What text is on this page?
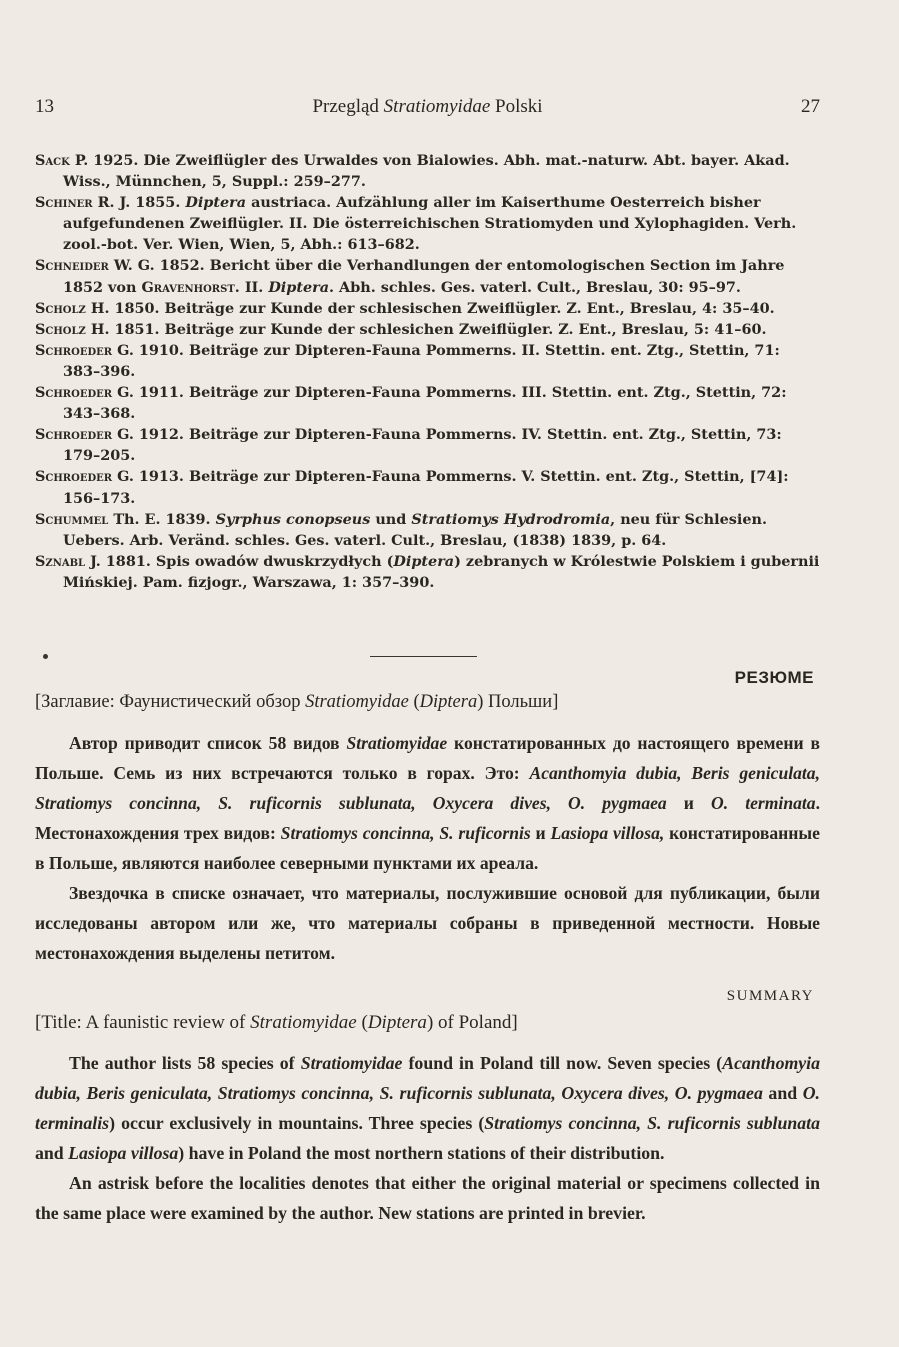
13	Przegląd Stratiomyidae Polski	27
Sack P. 1925. Die Zweiflügler des Urwaldes von Bialowies. Abh. mat.-naturw. Abt. bayer. Akad. Wiss., Münnchen, 5, Suppl.: 259–277.
Schiner R. J. 1855. Diptera austriaca. Aufzählung aller im Kaiserthume Oesterreich bisher aufgefundenen Zweiflügler. II. Die österreichischen Stratiomyden und Xylophagiden. Verh. zool.-bot. Ver. Wien, Wien, 5, Abh.: 613–682.
Schneider W. G. 1852. Bericht über die Verhandlungen der entomologischen Section im Jahre 1852 von Gravenhorst. II. Diptera. Abh. schles. Ges. vaterl. Cult., Breslau, 30: 95–97.
Scholz H. 1850. Beiträge zur Kunde der schlesischen Zweiflügler. Z. Ent., Breslau, 4: 35–40.
Scholz H. 1851. Beiträge zur Kunde der schlesichen Zweiflügler. Z. Ent., Breslau, 5: 41–60.
Schroeder G. 1910. Beiträge zur Dipteren-Fauna Pommerns. II. Stettin. ent. Ztg., Stettin, 71: 383–396.
Schroeder G. 1911. Beiträge zur Dipteren-Fauna Pommerns. III. Stettin. ent. Ztg., Stettin, 72: 343–368.
Schroeder G. 1912. Beiträge zur Dipteren-Fauna Pommerns. IV. Stettin. ent. Ztg., Stettin, 73: 179–205.
Schroeder G. 1913. Beiträge zur Dipteren-Fauna Pommerns. V. Stettin. ent. Ztg., Stettin, [74]: 156–173.
Schummel Th. E. 1839. Syrphus conopseus und Stratiomys Hydrodromia, neu für Schlesien. Uebers. Arb. Veränd. schles. Ges. vaterl. Cult., Breslau, (1838) 1839, p. 64.
Sznabl J. 1881. Spis owadów dwuskrzydłych (Diptera) zebranych w Królestwie Polskiem i gubernii Mińskiej. Pam. fizjogr., Warszawa, 1: 357–390.
РЕЗЮМЕ
[Заглавие: Фаунистический обзор Stratiomyidae (Diptera) Польши]

Автор приводит список 58 видов Stratiomyidae констатированных до настоящего времени в Польше. Семь из них встречаются только в горах. Это: Acanthomyia dubia, Beris geniculata, Stratiomys concinna, S. ruficornis sublunata, Oxycera dives, O. pygmaea и O. terminata. Местонахождения трех видов: Stratiomys concinna, S. ruficornis и Lasiopa villosa, констатированные в Польше, являются наиболее северными пунктами их ареала.

Звездочка в списке означает, что материалы, послужившие основой для публикации, были исследованы автором или же, что материалы собраны в приведенной местности. Новые местонахождения выделены петитом.

SUMMARY
[Title: A faunistic review of Stratiomyidae (Diptera) of Poland]

The author lists 58 species of Stratiomyidae found in Poland till now. Seven species (Acanthomyia dubia, Beris geniculata, Stratiomys concinna, S. ruficornis sublunata, Oxycera dives, O. pygmaea and O. terminalis) occur exclusively in mountains. Three species (Stratiomys concinna, S. ruficornis sublunata and Lasiopa villosa) have in Poland the most northern stations of their distribution.

An astrisk before the localities denotes that either the original material or specimens collected in the same place were examined by the author. New stations are printed in brevier.
